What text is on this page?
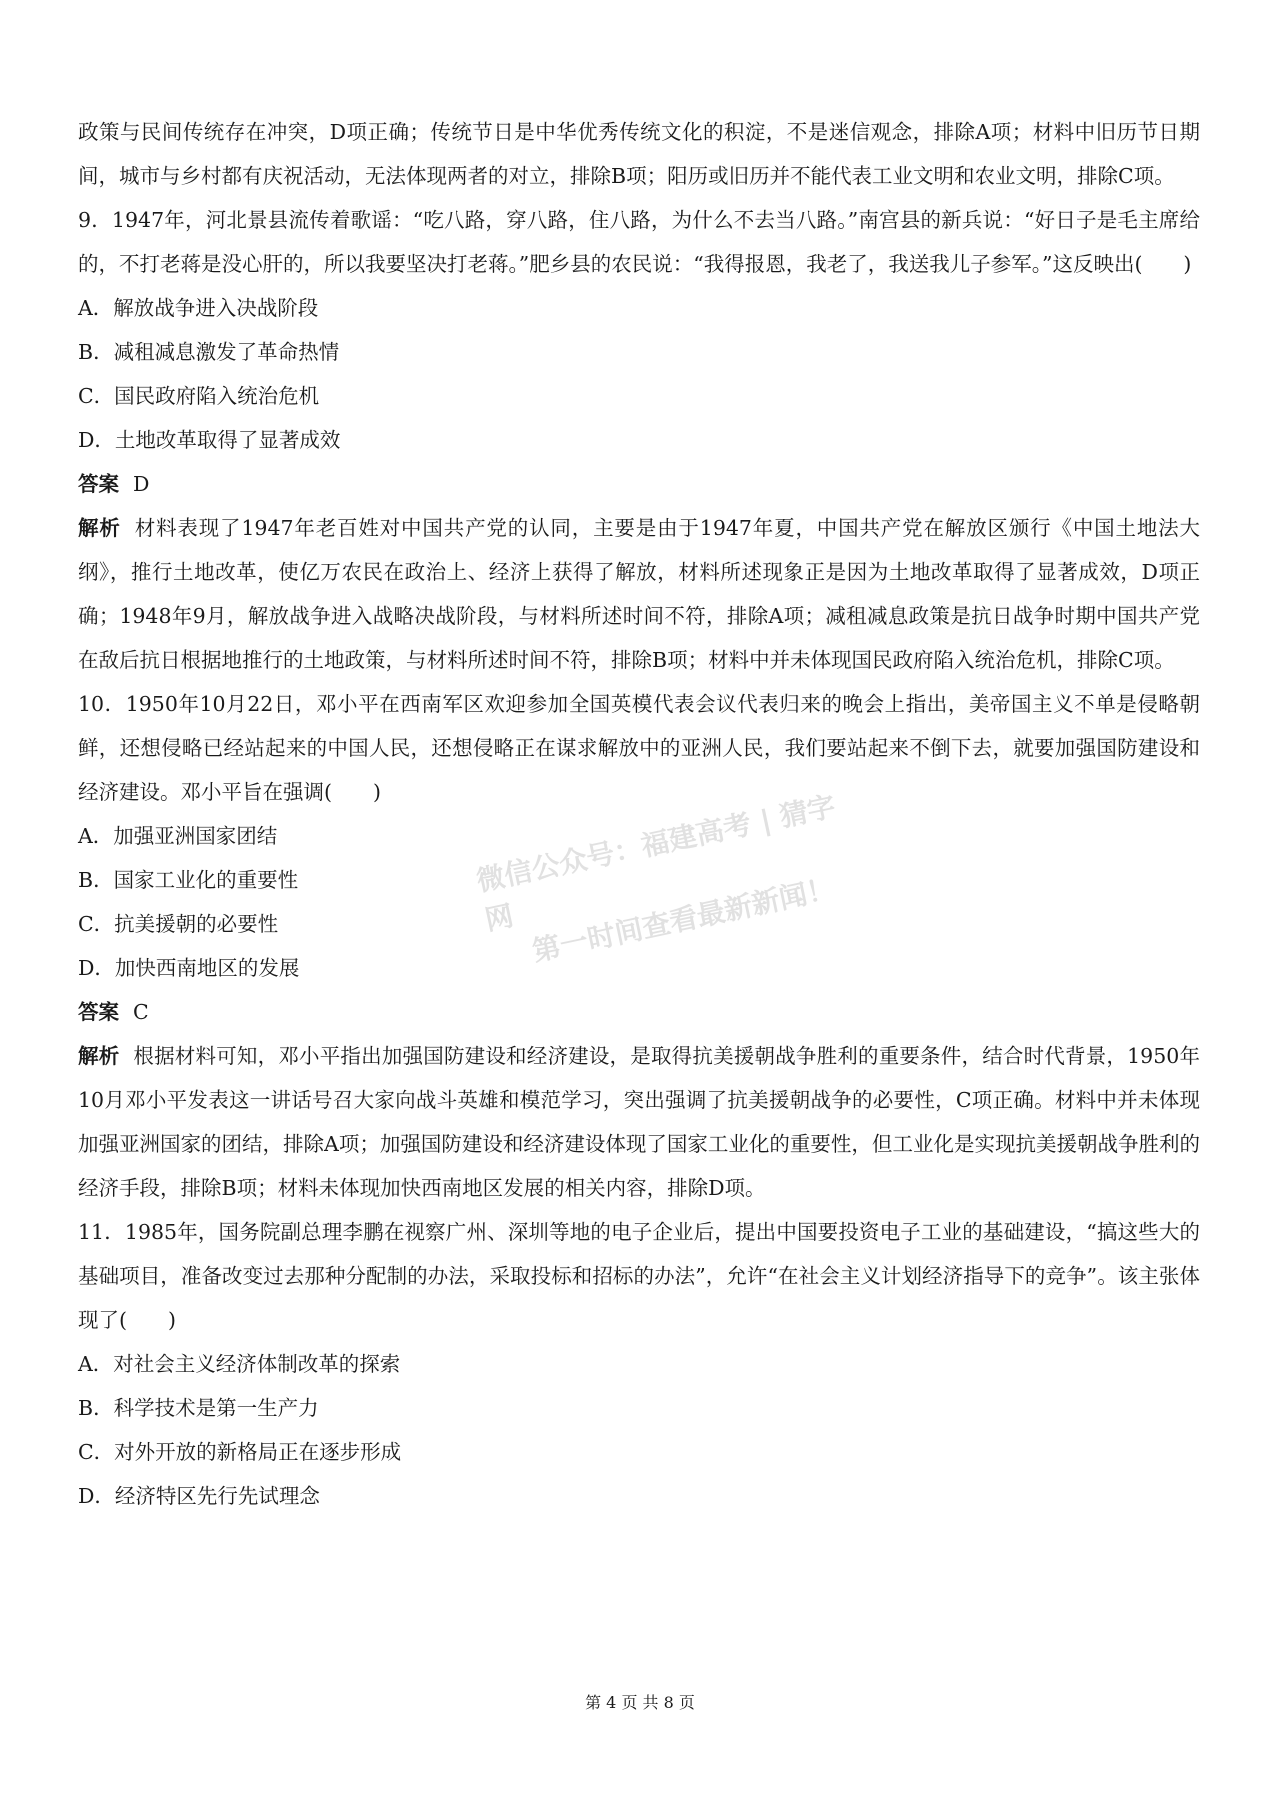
政策与民间传统存在冲突，D项正确；传统节日是中华优秀传统文化的积淀，不是迷信观念，排除A项；材料中旧历节日期间，城市与乡村都有庆祝活动，无法体现两者的对立，排除B项；阳历或旧历并不能代表工业文明和农业文明，排除C项。

9．1947年，河北景县流传着歌谣：“吃八路，穿八路，住八路，为什么不去当八路。”南宫县的新兵说：“好日子是毛主席给的，不打老蒋是没心肝的，所以我要坚决打老蒋。”肥乡县的农民说：“我得报恩，我老了，我送我儿子参军。”这反映出(　　)

A．解放战争进入决战阶段
B．减租减息激发了革命热情
C．国民政府陷入统治危机
D．土地改革取得了显著成效
答案 D

解析 材料表现了1947年老百姓对中国共产党的认同，主要是由于1947年夏，中国共产党在解放区颁行《中国土地法大纲》，推行土地改革，使亿万农民在政治上、经济上获得了解放，材料所述现象正是因为土地改革取得了显著成效，D项正确；1948年9月，解放战争进入战略决战阶段，与材料所述时间不符，排除A项；减租减息政策是抗日战争时期中国共产党在敌后抗日根据地推行的土地政策，与材料所述时间不符，排除B项；材料中并未体现国民政府陷入统治危机，排除C项。

10．1950年10月22日，邓小平在西南军区欢迎参加全国英模代表会议代表归来的晚会上指出，美帝国主义不单是侵略朝鲜，还想侵略已经站起来的中国人民，还想侵略正在谋求解放中的亚洲人民，我们要站起来不倒下去，就要加强国防建设和经济建设。邓小平旨在强调(　　)

A．加强亚洲国家团结
B．国家工业化的重要性
C．抗美援朝的必要性
D．加快西南地区的发展
答案 C

解析 根据材料可知，邓小平指出加强国防建设和经济建设，是取得抗美援朝战争胜利的重要条件，结合时代背景，1950年10月邓小平发表这一讲话号召大家向战斗英雄和模范学习，突出强调了抗美援朝战争的必要性，C项正确。材料中并未体现加强亚洲国家的团结，排除A项；加强国防建设和经济建设体现了国家工业化的重要性，但工业化是实现抗美援朝战争胜利的经济手段，排除B项；材料未体现加快西南地区发展的相关内容，排除D项。

11．1985年，国务院副总理李鹏在视察广州、深圳等地的电子企业后，提出中国要投资电子工业的基础建设，“搞这些大的基础项目，准备改变过去那种分配制的办法，采取投标和招标的办法”，允许“在社会主义计划经济指导下的竞争”。该主张体现了(　　)

A．对社会主义经济体制改革的探索
B．科学技术是第一生产力
C．对外开放的新格局正在逐步形成
D．经济特区先行先试理念
微信公众号：福建高考 | 猜字网 第一时间查看最新新闻！
第 4 页 共 8 页
